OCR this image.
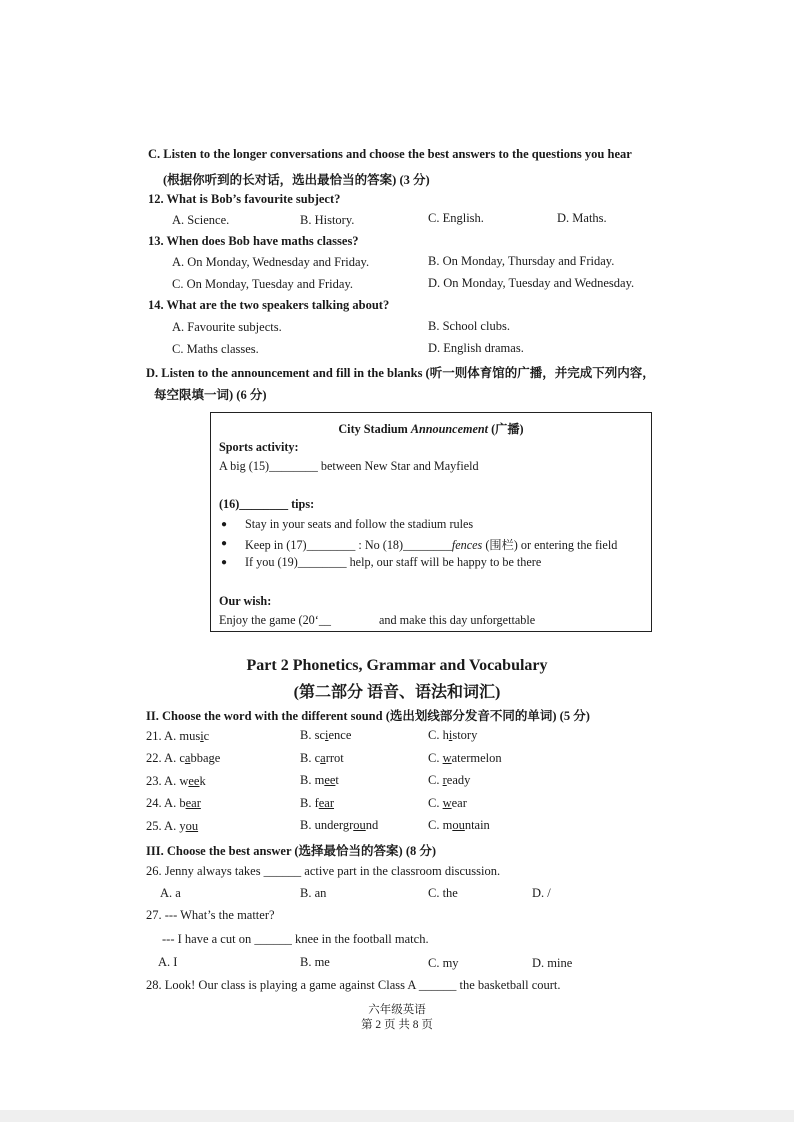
C. Listen to the longer conversations and choose the best answers to the questions you hear
(根据你听到的长对话，选出最恰当的答案) (3 分)
12. What is Bob’s favourite subject?
A. Science.	B. History.	C. English.	D. Maths.
13. When does Bob have maths classes?
A. On Monday, Wednesday and Friday.	B. On Monday, Thursday and Friday.
C. On Monday, Tuesday and Friday.	D. On Monday, Tuesday and Wednesday.
14. What are the two speakers talking about?
A. Favourite subjects.	B. School clubs.
C. Maths classes.	D. English dramas.
D. Listen to the announcement and fill in the blanks (听一则体育馆的广播，并完成下列内容，
每空限填一词) (6 分)
City Stadium Announcement (广播)
Sports activity:
A big (15)________ between New Star and Mayfield
(16)________ tips:
● Stay in your seats and follow the stadium rules
● Keep in (17)________ : No (18)________fences (围栏) or entering the field
● If you (19)________ help, our staff will be happy to be there
Our wish:
Enjoy the game (20‘__	and make this day unforgettable
Part 2 Phonetics, Grammar and Vocabulary
(第二部分 语音、语法和词汇)
II. Choose the word with the different sound (选出划线部分发音不同的单词) (5 分)
21. A. music	B. science	C. history
22. A. cabbage	B. carrot	C. watermelon
23. A. week	B. meet	C. ready
24. A. bear	B. fear	C. wear
25. A. you	B. underground	C. mountain
III. Choose the best answer (选择最恰当的答案) (8 分)
26. Jenny always takes ______ active part in the classroom discussion.
A. a	B. an	C. the	D. /
27. --- What’s the matter?
--- I have a cut on ______ knee in the football match.
A. I	B. me	C. my	D. mine
28. Look! Our class is playing a game against Class A ______ the basketball court.
六年级英语
第 2 页 共 8 页
